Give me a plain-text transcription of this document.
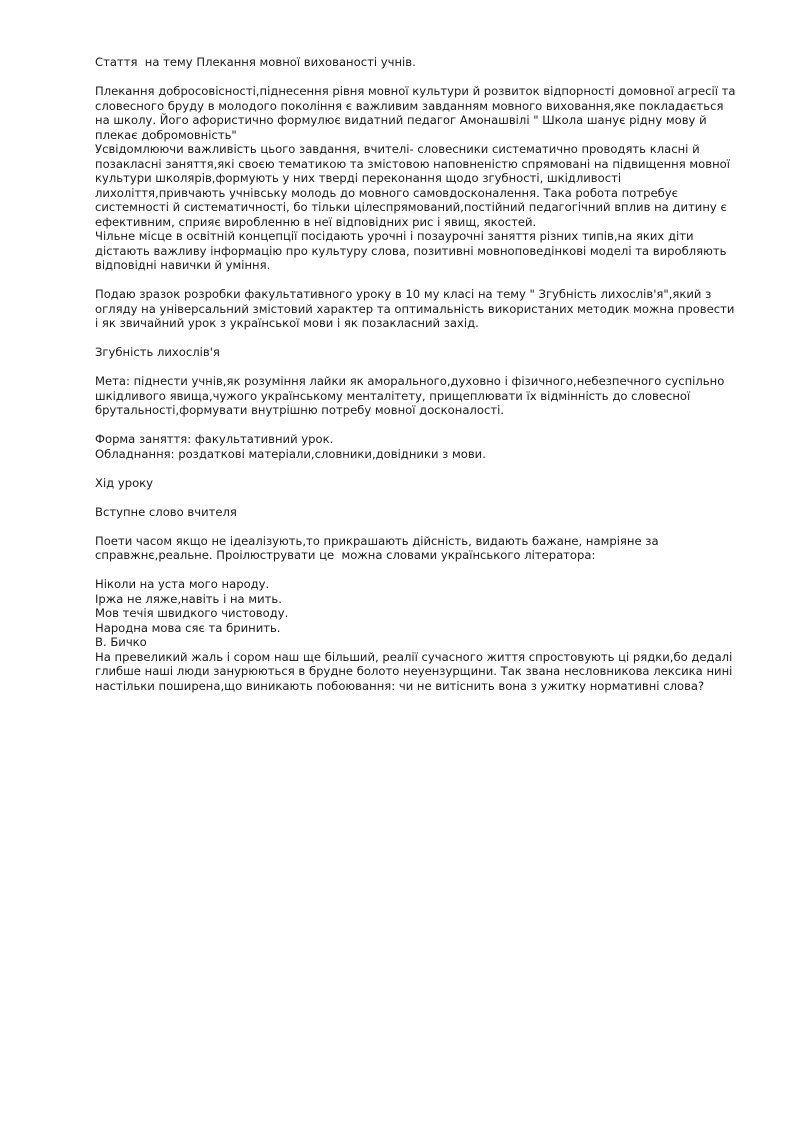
Стаття  на тему Плекання мовної вихованості учнів.

Плекання добросовісності,піднесення рівня мовної культури й розвиток відпорності домовної агресії та словесного бруду в молодого покоління є важливим завданням мовного виховання,яке покладається на школу. Його афористично формулює видатний педагог Амонашвілі " Школа шанує рідну мову й плекає добромовність"

Усвідомлюючи важливість цього завдання, вчителі- словесники систематично проводять класні й позакласні заняття,які своєю тематикою та змістовою наповненістю спрямовані на підвищення мовної культури школярів,формують у них тверді переконання щодо згубності, шкідливості лихоліття,привчають учнівську молодь до мовного самовдосконалення. Така робота потребує системності й систематичності, бо тільки цілеспрямований,постійний педагогічний вплив на дитину є ефективним, сприяє виробленню в неї відповідних рис і явищ, якостей.

Чільне місце в освітній концепції посідають урочні і позаурочні заняття різних типів,на яких діти дістають важливу інформацію про культуру слова, позитивні мовноповедінкові моделі та виробляють відповідні навички й уміння.

Подаю зразок розробки факультативного уроку в 10 му класі на тему " Згубність лихослів'я",який з огляду на універсальний змістовий характер та оптимальність використаних методик можна провести і як звичайний урок з української мови і як позакласний захід.

Згубність лихослів'я

Мета: піднести учнів,як розуміння лайки як аморального,духовно і фізичного,небезпечного суспільно шкідливого явища,чужого українському менталітету, прищеплювати їх відмінність до словесної брутальності,формувати внутрішню потребу мовної досконалості.

Форма заняття: факультативний урок.

Обладнання: роздаткові матеріали,словники,довідники з мови.

Хід уроку

Вступне слово вчителя

Поети часом якщо не ідеалізують,то прикрашають дійсність, видають бажане, намріяне за справжнє,реальне. Проілюструвати це  можна словами українського літератора:

Ніколи на уста мого народу.

Іржа не ляже,навіть і на мить.

Мов течія швидкого чистоводу.

Народна мова сяє та бринить.

В. Бичко

На превеликий жаль і сором наш ще більший, реалії сучасного життя спростовують ці рядки,бо дедалі глибше наші люди занурюються в брудне болото неуензурщини. Так звана несловникова лексика нині настільки поширена,що виникають побоювання: чи не витіснить вона з ужитку нормативні слова?
